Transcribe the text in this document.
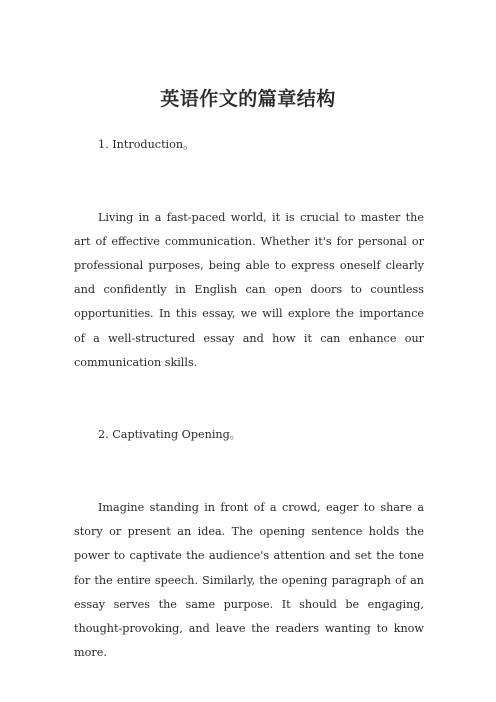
英语作文的篇章结构

1. Introduction。

Living in a fast-paced world, it is crucial to master the art of effective communication. Whether it's for personal or professional purposes, being able to express oneself clearly and confidently in English can open doors to countless opportunities. In this essay, we will explore the importance of a well-structured essay and how it can enhance our communication skills.

2. Captivating Opening。

Imagine standing in front of a crowd, eager to share a story or present an idea. The opening sentence holds the power to captivate the audience's attention and set the tone for the entire speech. Similarly, the opening paragraph of an essay serves the same purpose. It should be engaging, thought-provoking, and leave the readers wanting to know more.
